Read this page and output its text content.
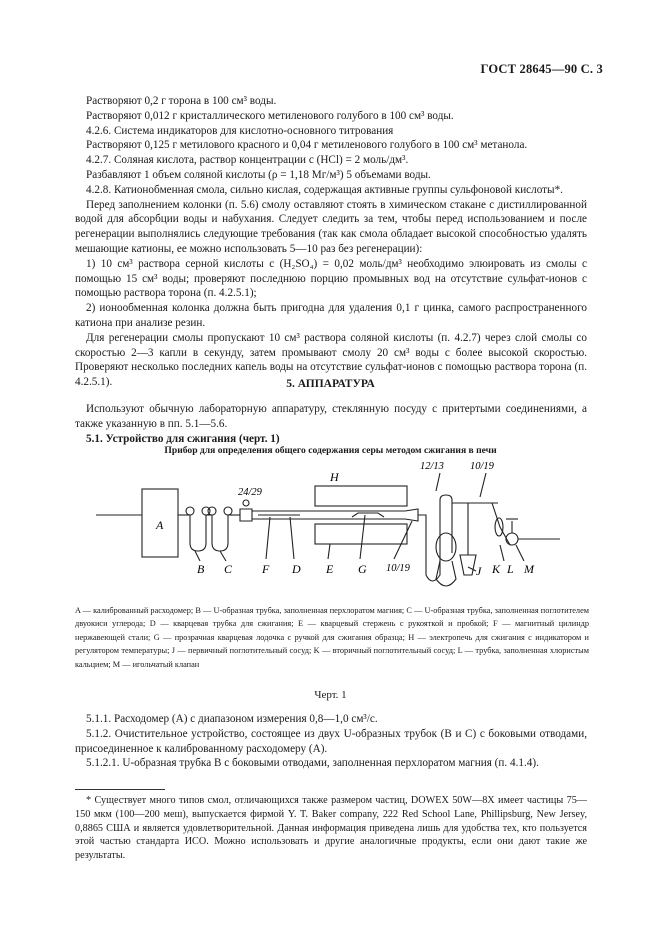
ГОСТ 28645—90 С. 3

Растворяют 0,2 г торона в 100 см³ воды.

Растворяют 0,012 г кристаллического метиленового голубого в 100 см³ воды.

4.2.6. Система индикаторов для кислотно-основного титрования

Растворяют 0,125 г метилового красного и 0,04 г метиленового голубого в 100 см³ метанола.

4.2.7. Соляная кислота, раствор концентрации с (HCl) = 2 моль/дм³.

Разбавляют 1 объем соляной кислоты (ρ = 1,18 Мг/м³) 5 объемами воды.

4.2.8. Катионобменная смола, сильно кислая, содержащая активные группы сульфоновой кислоты*.

Перед заполнением колонки (п. 5.6) смолу оставляют стоять в химическом стакане с дистиллированной водой для абсорбции воды и набухания. Следует следить за тем, чтобы перед использованием и после регенерации выполнялись следующие требования (так как смола обладает высокой способностью удалять мешающие катионы, ее можно использовать 5—10 раз без регенерации):

1) 10 см³ раствора серной кислоты с (H₂SO₄) = 0,02 моль/дм³ необходимо элюировать из смолы с помощью 15 см³ воды; проверяют последнюю порцию промывных вод на отсутствие сульфат-ионов с помощью раствора торона (п. 4.2.5.1);

2) ионообменная колонка должна быть пригодна для удаления 0,1 г цинка, самого распространенного катиона при анализе резин.

Для регенерации смолы пропускают 10 см³ раствора соляной кислоты (п. 4.2.7) через слой смолы со скоростью 2—3 капли в секунду, затем промывают смолу 20 см³ воды с более высокой скоростью. Проверяют несколько последних капель воды на отсутствие сульфат-ионов с помощью раствора торона (п. 4.2.5.1).	5. АППАРАТУРА

Используют обычную лабораторную аппаратуру, стеклянную посуду с притертыми соединениями, а также указанную в пп. 5.1—5.6.

5.1. Устройство для сжигания (черт. 1)

Прибор для определения общего содержания серы методом сжигания в печи
A
B C
24/29
F D
H
E G 10/19
12/13 10/19
J K L M
A — калиброванный расходомер; B — U-образная трубка, заполненная перхлоратом магния; C — U-образная трубка, заполненная поглотителем двуокиси углерода; D — кварцевая трубка для сжигания; E — кварцевый стержень с рукояткой и пробкой; F — магнитный цилиндр нержавеющей стали; G — прозрачная кварцевая лодочка с ручкой для сжигания образца; H — электропечь для сжигания с индикатором и регулятором температуры; J — первичный поглотительный сосуд; K — вторичный поглотительный сосуд; L — трубка, заполненная хлористым кальцием; M — игольчатый клапан
Черт. 1

5.1.1. Расходомер (A) с диапазоном измерения 0,8—1,0 см³/с.

5.1.2. Очистительное устройство, состоящее из двух U-образных трубок (B и C) с боковыми отводами, присоединенное к калиброванному расходомеру (A).

5.1.2.1. U-образная трубка B с боковыми отводами, заполненная перхлоратом магния (п. 4.1.4).

* Существует много типов смол, отличающихся также размером частиц, DOWEX 50W—8X имеет частицы 75—150 мкм (100—200 меш), выпускается фирмой Y. T. Baker company, 222 Red School Lane, Phillipsburg, New Jersey, 0,8865 США и является удовлетворительной. Данная информация приведена лишь для удобства тех, кто пользуется этой частью стандарта ИСО. Можно использовать и другие аналогичные продукты, если они дают такие же результаты.
